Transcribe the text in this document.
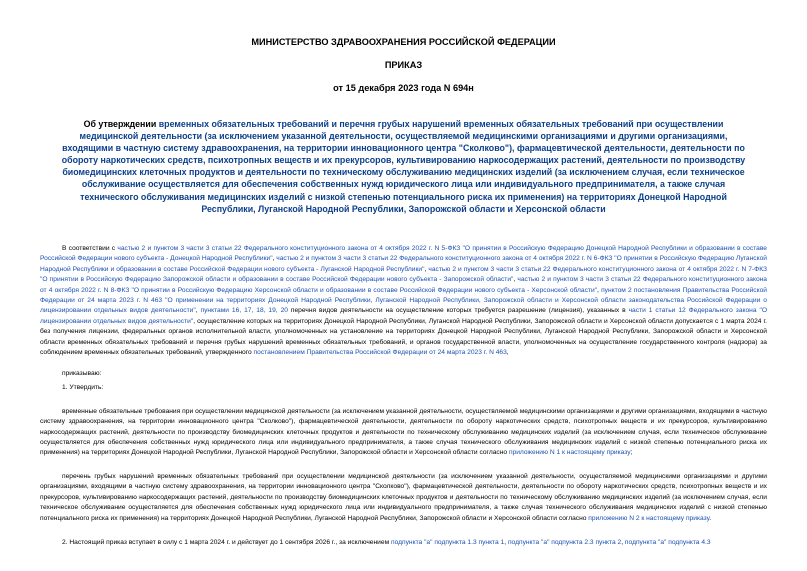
МИНИСТЕРСТВО ЗДРАВООХРАНЕНИЯ РОССИЙСКОЙ ФЕДЕРАЦИИ

ПРИКАЗ

от 15 декабря 2023 года N 694н

Об утверждении временных обязательных требований и перечня грубых нарушений временных обязательных требований при осуществлении медицинской деятельности (за исключением указанной деятельности, осуществляемой медицинскими организациями и другими организациями, входящими в частную систему здравоохранения, на территории инновационного центра "Сколково"), фармацевтической деятельности, деятельности по обороту наркотических средств, психотропных веществ и их прекурсоров, культивированию наркосодержащих растений, деятельности по производству биомедицинских клеточных продуктов и деятельности по техническому обслуживанию медицинских изделий (за исключением случая, если техническое обслуживание осуществляется для обеспечения собственных нужд юридического лица или индивидуального предпринимателя, а также случая технического обслуживания медицинских изделий с низкой степенью потенциального риска их применения) на территориях Донецкой Народной Республики, Луганской Народной Республики, Запорожской области и Херсонской области

В соответствии с частью 2 и пунктом 3 части 3 статьи 22 Федерального конституционного закона от 4 октября 2022 г. N 5-ФКЗ "О принятии в Российскую Федерацию Донецкой Народной Республики и образовании в составе Российской Федерации нового субъекта - Донецкой Народной Республики", частью 2 и пунктом 3 части 3 статьи 22 Федерального конституционного закона от 4 октября 2022 г. N 6-ФКЗ "О принятии в Российскую Федерацию Луганской Народной Республики и образовании в составе Российской Федерации нового субъекта - Луганской Народной Республики", частью 2 и пунктом 3 части 3 статьи 22 Федерального конституционного закона от 4 октября 2022 г. N 7-ФКЗ "О принятии в Российскую Федерацию Запорожской области и образовании в составе Российской Федерации нового субъекта - Запорожской области", частью 2 и пунктом 3 части 3 статьи 22 Федерального конституционного закона от 4 октября 2022 г. N 8-ФКЗ "О принятии в Российскую Федерацию Херсонской области и образовании в составе Российской Федерации нового субъекта - Херсонской области", пунктом 2 постановления Правительства Российской Федерации от 24 марта 2023 г. N 463 "О применении на территориях Донецкой Народной Республики, Луганской Народной Республики, Запорожской области и Херсонской области законодательства Российской Федерации о лицензировании отдельных видов деятельности", пунктами 16, 17, 18, 19, 20 перечня видов деятельности на осуществление которых требуется разрешение (лицензия), указанных в части 1 статьи 12 Федерального закона "О лицензировании отдельных видов деятельности", осуществление которых на территориях Донецкой Народной Республики, Луганской Народной Республики, Запорожской области и Херсонской области допускается с 1 марта 2024 г. без получения лицензии, федеральных органов исполнительной власти, уполномоченных на установление на территориях Донецкой Народной Республики, Луганской Народной Республики, Запорожской области и Херсонской области временных обязательных требований и перечня грубых нарушений временных обязательных требований, и органов государственной власти, уполномоченных на осуществление государственного контроля (надзора) за соблюдением временных обязательных требований, утвержденного постановлением Правительства Российской Федерации от 24 марта 2023 г. N 463,

приказываю:

1. Утвердить:

временные обязательные требования при осуществлении медицинской деятельности (за исключением указанной деятельности, осуществляемой медицинскими организациями и другими организациями, входящими в частную систему здравоохранения, на территории инновационного центра "Сколково"), фармацевтической деятельности, деятельности по обороту наркотических средств, психотропных веществ и их прекурсоров, культивированию наркосодержащих растений, деятельности по производству биомедицинских клеточных продуктов и деятельности по техническому обслуживанию медицинских изделий (за исключением случая, если техническое обслуживание осуществляется для обеспечения собственных нужд юридического лица или индивидуального предпринимателя, а также случая технического обслуживания медицинских изделий с низкой степенью потенциального риска их применения) на территориях Донецкой Народной Республики, Луганской Народной Республики, Запорожской области и Херсонской области согласно приложению N 1 к настоящему приказу;

перечень грубых нарушений временных обязательных требований при осуществлении медицинской деятельности (за исключением указанной деятельности, осуществляемой медицинскими организациями и другими организациями, входящими в частную систему здравоохранения, на территории инновационного центра "Сколково"), фармацевтической деятельности, деятельности по обороту наркотических средств, психотропных веществ и их прекурсоров, культивированию наркосодержащих растений, деятельности по производству биомедицинских клеточных продуктов и деятельности по техническому обслуживанию медицинских изделий (за исключением случая, если техническое обслуживание осуществляется для обеспечения собственных нужд юридического лица или индивидуального предпринимателя, а также случая технического обслуживания медицинских изделий с низкой степенью потенциального риска их применения) на территориях Донецкой Народной Республики, Луганской Народной Республики, Запорожской области и Херсонской области согласно приложению N 2 к настоящему приказу.

2. Настоящий приказ вступает в силу с 1 марта 2024 г. и действует до 1 сентября 2026 г., за исключением подпункта "а" подпункта 1.3 пункта 1, подпункта "а" подпункта 2.3 пункта 2, подпункта "а" подпункта 4.3
